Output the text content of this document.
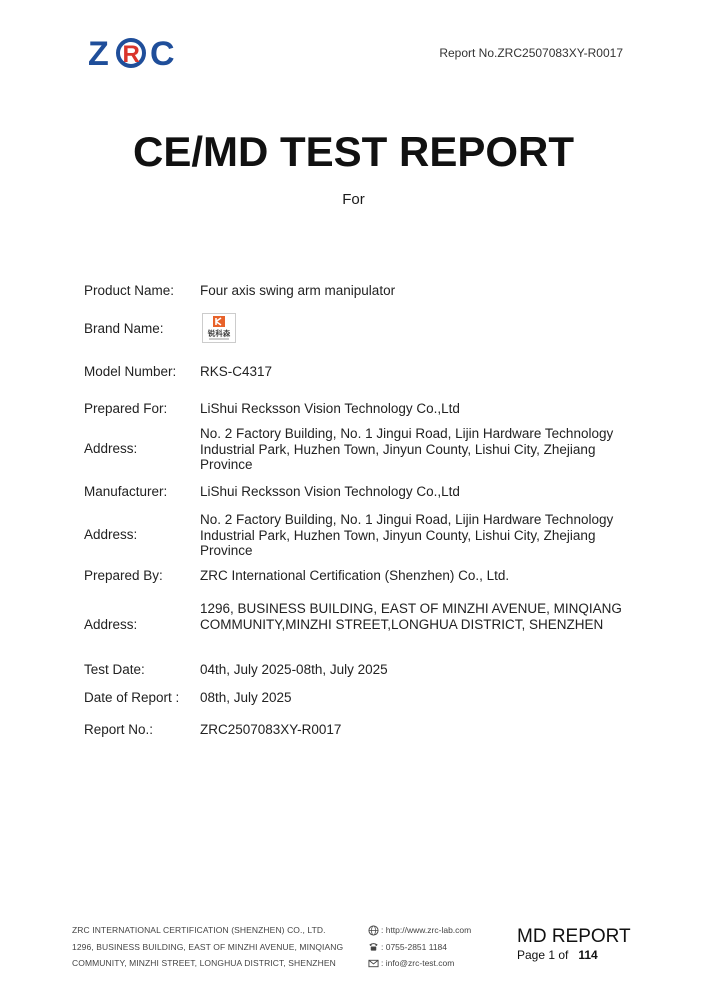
Z R C	Report No.ZRC2507083XY-R0017
CE/MD TEST REPORT
For
Product Name: Four axis swing arm manipulator
Brand Name:	锐科森
Model Number: RKS-C4317
Prepared For: LiShui Recksson Vision Technology Co.,Ltd
Address:
No. 2 Factory Building, No. 1 Jingui Road, Lijin Hardware Technology Industrial Park, Huzhen Town, Jinyun County, Lishui City, Zhejiang Province
Manufacturer: LiShui Recksson Vision Technology Co.,Ltd
Address:
No. 2 Factory Building, No. 1 Jingui Road, Lijin Hardware Technology Industrial Park, Huzhen Town, Jinyun County, Lishui City, Zhejiang Province
Prepared By:	ZRC International Certification (Shenzhen) Co., Ltd.
Address:
1296, BUSINESS BUILDING, EAST OF MINZHI AVENUE, MINQIANG COMMUNITY,MINZHI STREET,LONGHUA DISTRICT, SHENZHEN
Test Date:	04th, July 2025-08th, July 2025
Date of Report : 08th, July 2025
Report No.:	ZRC2507083XY-R0017
ZRC INTERNATIONAL CERTIFICATION (SHENZHEN) CO., LTD.
1296, BUSINESS BUILDING, EAST OF MINZHI AVENUE, MINQIANG
COMMUNITY, MINZHI STREET, LONGHUA DISTRICT, SHENZHEN
: http://www.zrc-lab.com
: 0755-2851 1184
: info@zrc-test.com
MD REPORT
Page 1 of 114
